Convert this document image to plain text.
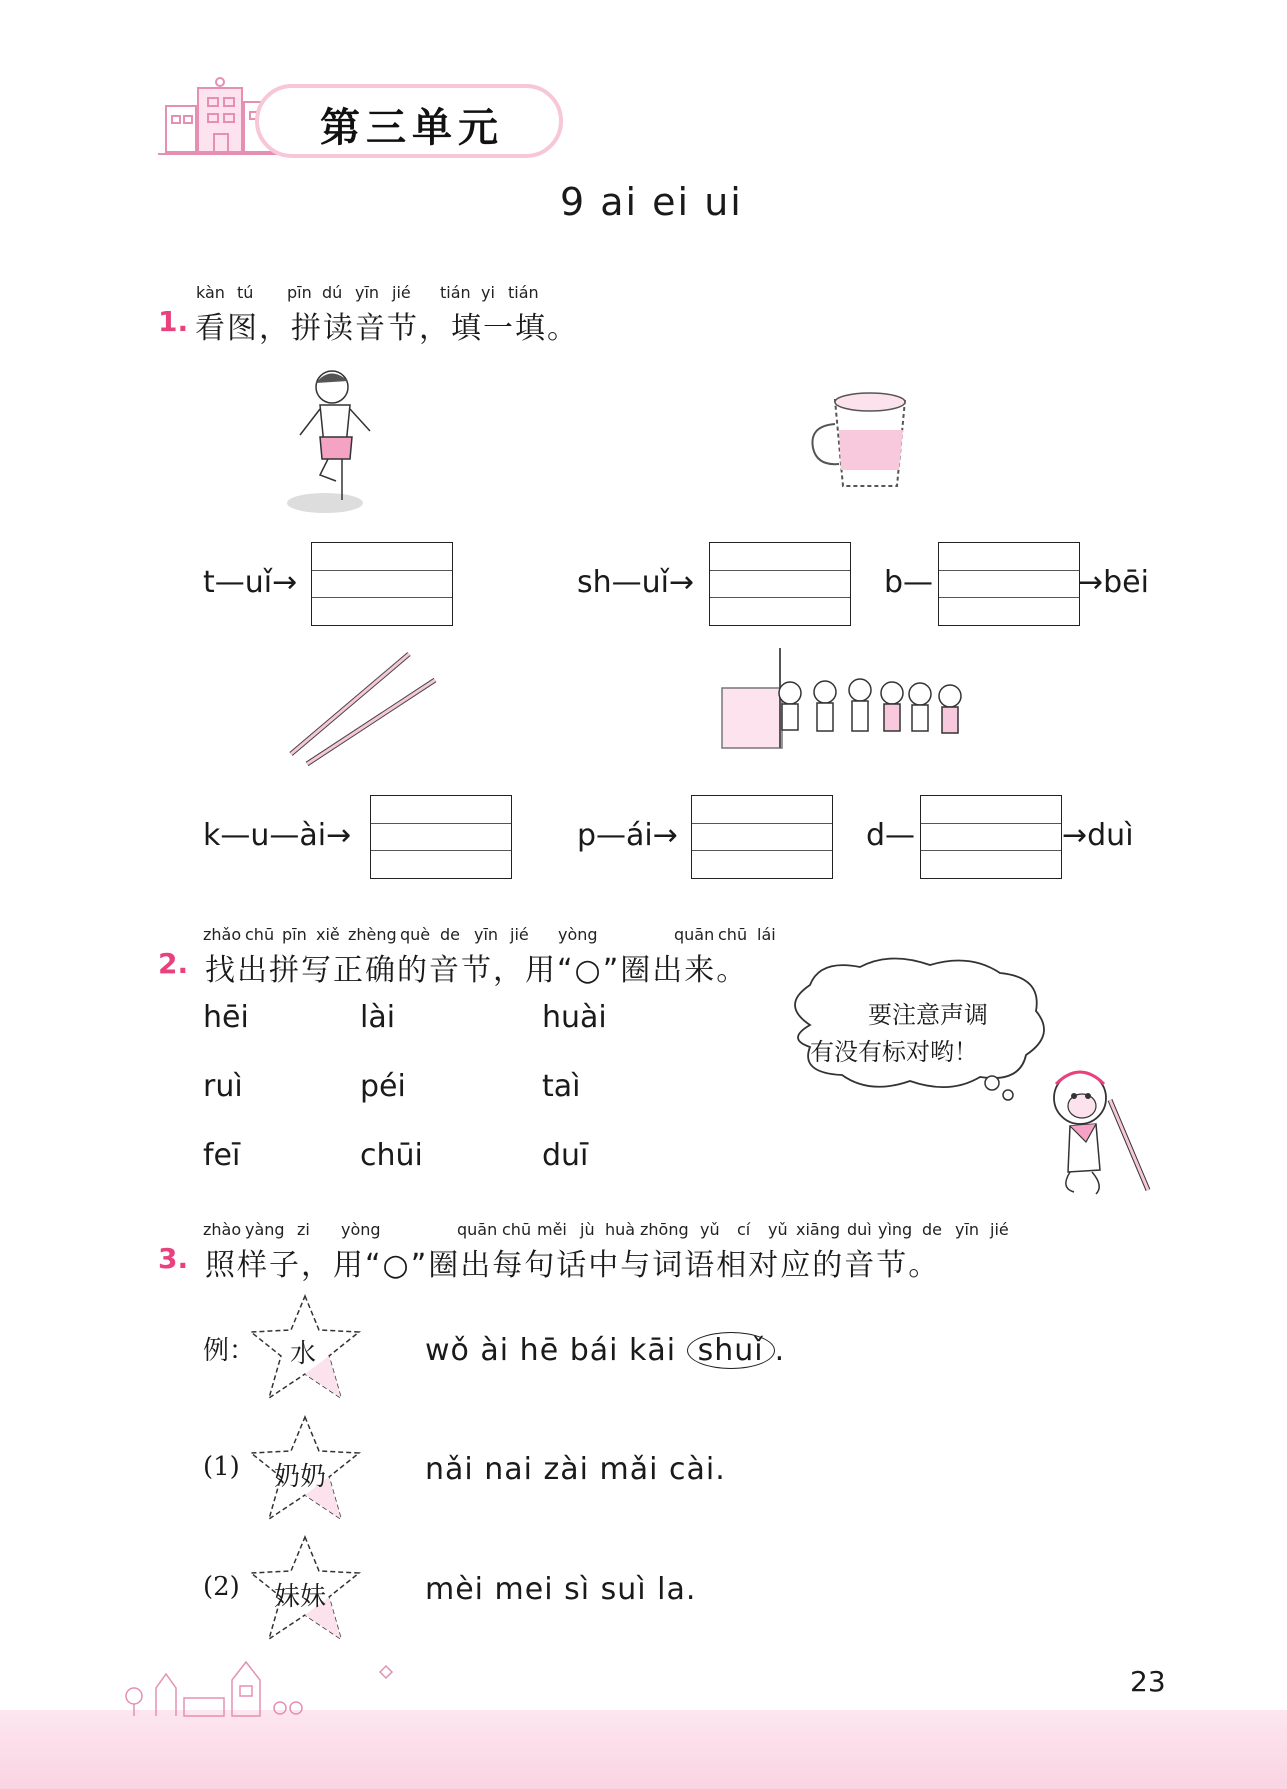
第三单元
9 ai ei ui
kàn tú pīn dú yīn jié tián yi tián
1. 看图，拼读音节，填一填。
t—uǐ→	sh—uǐ→	b—	→bēi
k—u—ài→	p—ái→	d—	→duì
zhǎo chū pīn xiě zhèng què de yīn jié yòng	quān chū lái
2. 找出拼写正确的音节，用“○”圈出来。
hēi	lài	huài
ruì	péi	taì
feī	chūi	duī
要注意声调
有没有标对哟！
zhào yàng zi yòng	quān chū měi jù huà zhōng yǔ cí yǔ xiāng duì yìng de yīn jié
3. 照样子，用“○”圈出每句话中与词语相对应的音节。
例： 水	wǒ ài hē bái kāi shuǐ .
(1) 奶奶	nǎi nai zài mǎi cài.
(2) 妹妹	mèi mei sì suì la.
23
